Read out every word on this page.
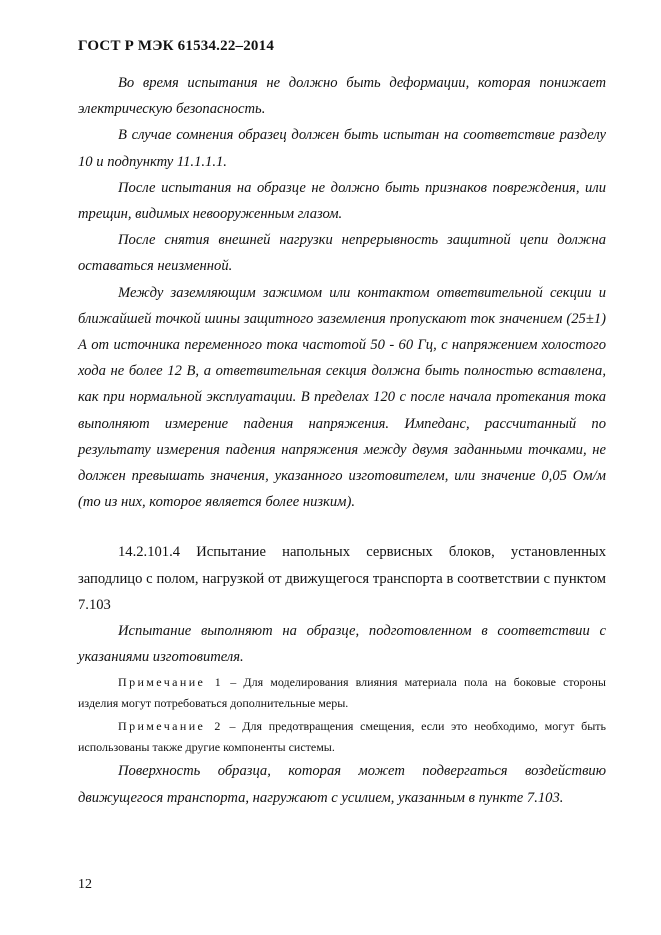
ГОСТ Р МЭК 61534.22–2014

Во время испытания не должно быть деформации, которая понижает электрическую безопасность.

В случае сомнения образец должен быть испытан на соответствие разделу 10 и подпункту 11.1.1.1.

После испытания на образце не должно быть признаков повреждения, или трещин, видимых невооруженным глазом.

После снятия внешней нагрузки непрерывность защитной цепи должна оставаться неизменной.

Между заземляющим зажимом или контактом ответвительной секции и ближайшей точкой шины защитного заземления пропускают ток значением (25±1) А от источника переменного тока частотой 50 - 60 Гц, с напряжением холостого хода не более 12 В, а ответвительная секция должна быть полностью вставлена, как при нормальной эксплуатации. В пределах 120 с после начала протекания тока выполняют измерение падения напряжения. Импеданс, рассчитанный по результату измерения падения напряжения между двумя заданными точками, не должен превышать значения, указанного изготовителем, или значение 0,05 Ом/м (то из них, которое является более низким).

14.2.101.4 Испытание напольных сервисных блоков, установленных заподлицо с полом, нагрузкой от движущегося транспорта в соответствии с пунктом 7.103

Испытание выполняют на образце, подготовленном в соответствии с указаниями изготовителя.

Примечание 1 – Для моделирования влияния материала пола на боковые стороны изделия могут потребоваться дополнительные меры.

Примечание 2 – Для предотвращения смещения, если это необходимо, могут быть использованы также другие компоненты системы.

Поверхность образца, которая может подвергаться воздействию движущегося транспорта, нагружают с усилием, указанным в пункте 7.103.

12
